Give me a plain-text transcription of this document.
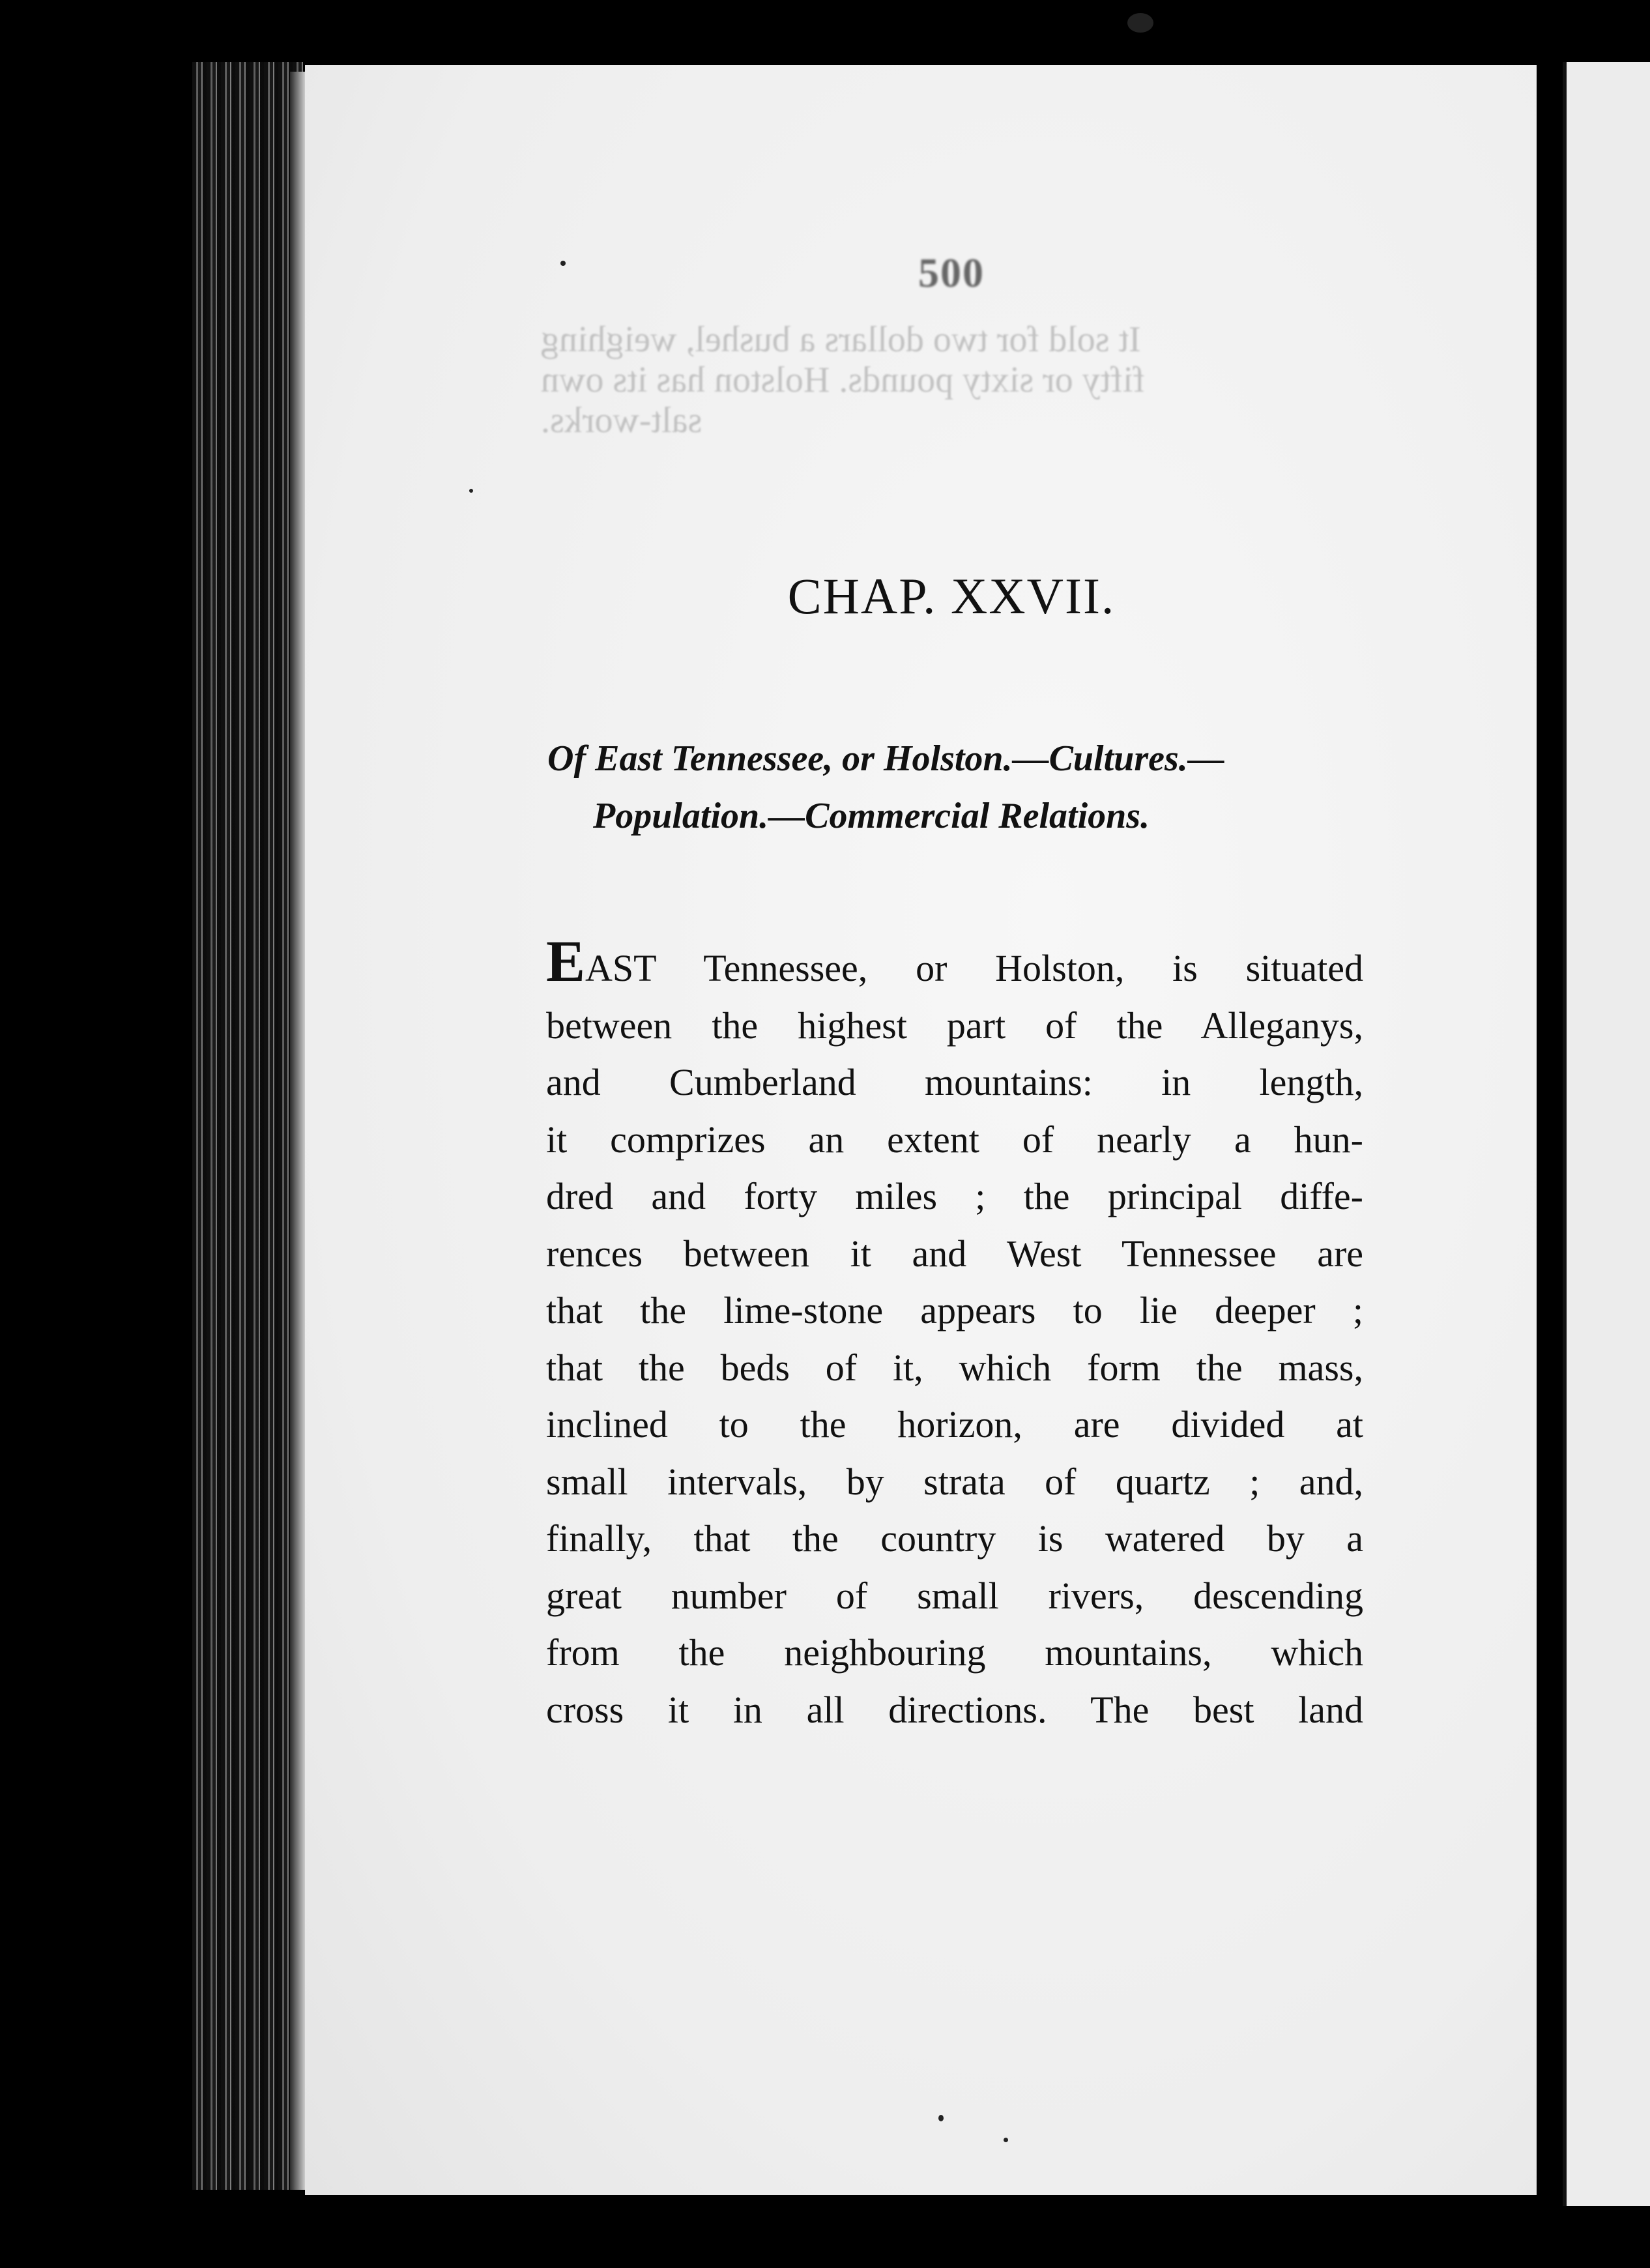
It sold for two dollars a bushel, weighing
fifty or sixty pounds. Holston has its own
salt-works.
500
CHAP. XXVII.
Of East Tennessee, or Holston.—Cultures.—
Population.—Commercial Relations.
EAST Tennessee, or Holston, is situated
between the highest part of the Alleganys,
and Cumberland mountains: in length,
it comprizes an extent of nearly a hun-
dred and forty miles ; the principal diffe-
rences between it and West Tennessee are
that the lime-stone appears to lie deeper ;
that the beds of it, which form the mass,
inclined to the horizon, are divided at
small intervals, by strata of quartz ; and,
finally, that the country is watered by a
great number of small rivers, descending
from the neighbouring mountains, which
cross it in all directions. The best land
